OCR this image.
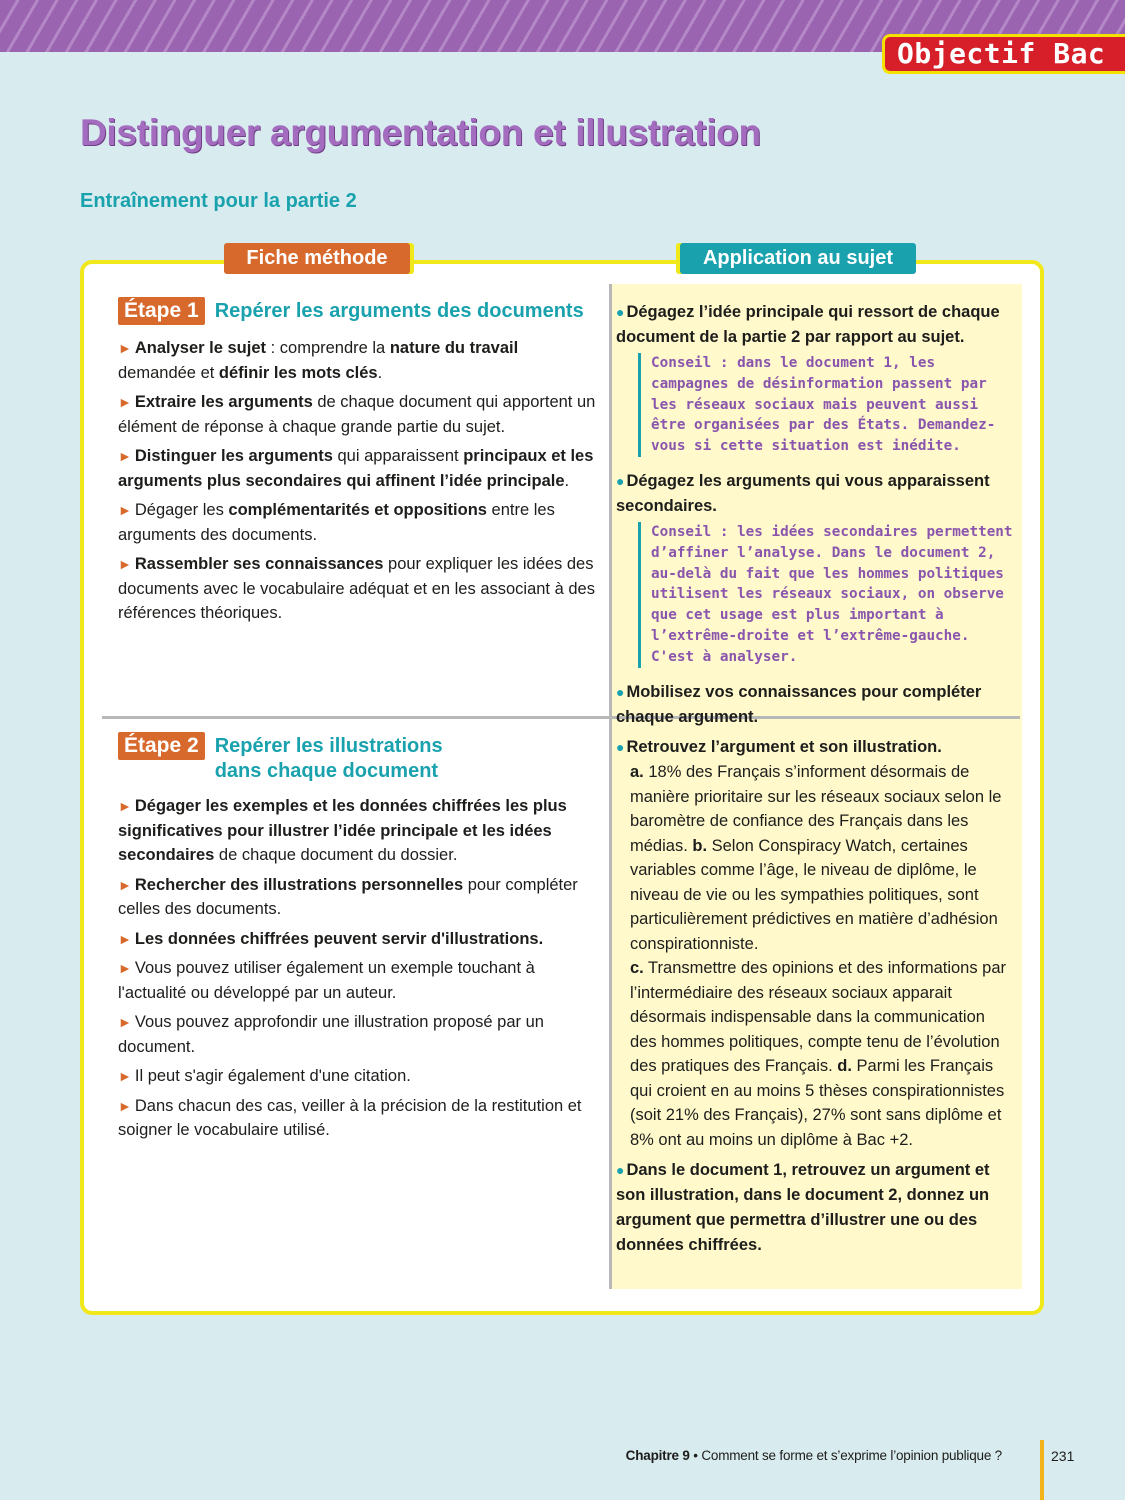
Objectif Bac
Distinguer argumentation et illustration
Entraînement pour la partie 2
Fiche méthode	Application au sujet
Étape 1 Repérer les arguments des documents

► Analyser le sujet : comprendre la nature du travail demandée et définir les mots clés.

► Extraire les arguments de chaque document qui apportent un élément de réponse à chaque grande partie du sujet.

► Distinguer les arguments qui apparaissent principaux et les arguments plus secondaires qui affinent l’idée principale.

► Dégager les complémentarités et oppositions entre les arguments des documents.

► Rassembler ses connaissances pour expliquer les idées des documents avec le vocabulaire adéquat et en les associant à des références théoriques.

Étape 2 Repérer les illustrations
dans chaque document

► Dégager les exemples et les données chiffrées les plus significatives pour illustrer l’idée principale et les idées secondaires de chaque document du dossier.

► Rechercher des illustrations personnelles pour compléter celles des documents.

► Les données chiffrées peuvent servir d'illustrations.

► Vous pouvez utiliser également un exemple touchant à l'actualité ou développé par un auteur.

► Vous pouvez approfondir une illustration proposé par un document.

► Il peut s'agir également d'une citation.

► Dans chacun des cas, veiller à la précision de la restitution et soigner le vocabulaire utilisé.

● Dégagez l’idée principale qui ressort de chaque document de la partie 2 par rapport au sujet.

Conseil : dans le document 1, les campagnes de désinformation passent par les réseaux sociaux mais peuvent aussi être organisées par des États. Demandez-vous si cette situation est inédite.

● Dégagez les arguments qui vous apparaissent secondaires.

Conseil : les idées secondaires permettent d’affiner l’analyse. Dans le document 2, au-delà du fait que les hommes politiques utilisent les réseaux sociaux, on observe que cet usage est plus important à l’extrême-droite et l’extrême-gauche. C'est à analyser.

● Mobilisez vos connaissances pour compléter chaque argument.

● Retrouvez l’argument et son illustration.

a. 18% des Français s’informent désormais de manière prioritaire sur les réseaux sociaux selon le baromètre de confiance des Français dans les médias. b. Selon Conspiracy Watch, certaines variables comme l’âge, le niveau de diplôme, le niveau de vie ou les sympathies politiques, sont particulièrement prédictives en matière d’adhésion conspirationniste.
c. Transmettre des opinions et des informations par l’intermédiaire des réseaux sociaux apparait désormais indispensable dans la communication des hommes politiques, compte tenu de l’évolution des pratiques des Français. d. Parmi les Français qui croient en au moins 5 thèses conspirationnistes (soit 21% des Français), 27% sont sans diplôme et 8% ont au moins un diplôme à Bac +2.

● Dans le document 1, retrouvez un argument et son illustration, dans le document 2, donnez un argument que permettra d’illustrer une ou des données chiffrées.

Chapitre 9 • Comment se forme et s’exprime l’opinion publique ?	231
